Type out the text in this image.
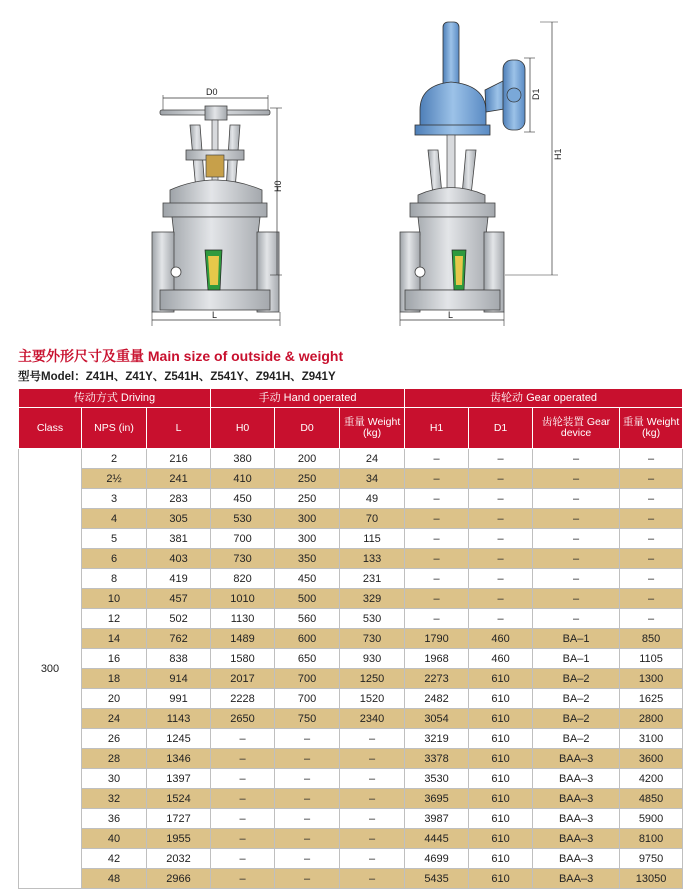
D0
H0
L
D1
H1
L
主要外形尺寸及重量 Main size of outside & weight
型号Model：Z41H、Z41Y、Z541H、Z541Y、Z941H、Z941Y
传动方式 Driving			手动 Hand operated			齿轮动 Gear operated			
Class	NPS (in)	L	H0	D0	重量 Weight (kg)	H1	D1	齿轮装置 Gear device	重量 Weight (kg)
300	2	216	380	200	24	–	–	–	–
	2½	241	410	250	34	–	–	–	–
	3	283	450	250	49	–	–	–	–
	4	305	530	300	70	–	–	–	–
	5	381	700	300	115	–	–	–	–
	6	403	730	350	133	–	–	–	–
	8	419	820	450	231	–	–	–	–
	10	457	1010	500	329	–	–	–	–
	12	502	1130	560	530	–	–	–	–
	14	762	1489	600	730	1790	460	BA–1	850
	16	838	1580	650	930	1968	460	BA–1	1105
	18	914	2017	700	1250	2273	610	BA–2	1300
	20	991	2228	700	1520	2482	610	BA–2	1625
	24	1143	2650	750	2340	3054	610	BA–2	2800
	26	1245	–	–	–	3219	610	BA–2	3100
	28	1346	–	–	–	3378	610	BAA–3	3600
	30	1397	–	–	–	3530	610	BAA–3	4200
	32	1524	–	–	–	3695	610	BAA–3	4850
	36	1727	–	–	–	3987	610	BAA–3	5900
	40	1955	–	–	–	4445	610	BAA–3	8100
	42	2032	–	–	–	4699	610	BAA–3	9750
	48	2966	–	–	–	5435	610	BAA–3	13050
